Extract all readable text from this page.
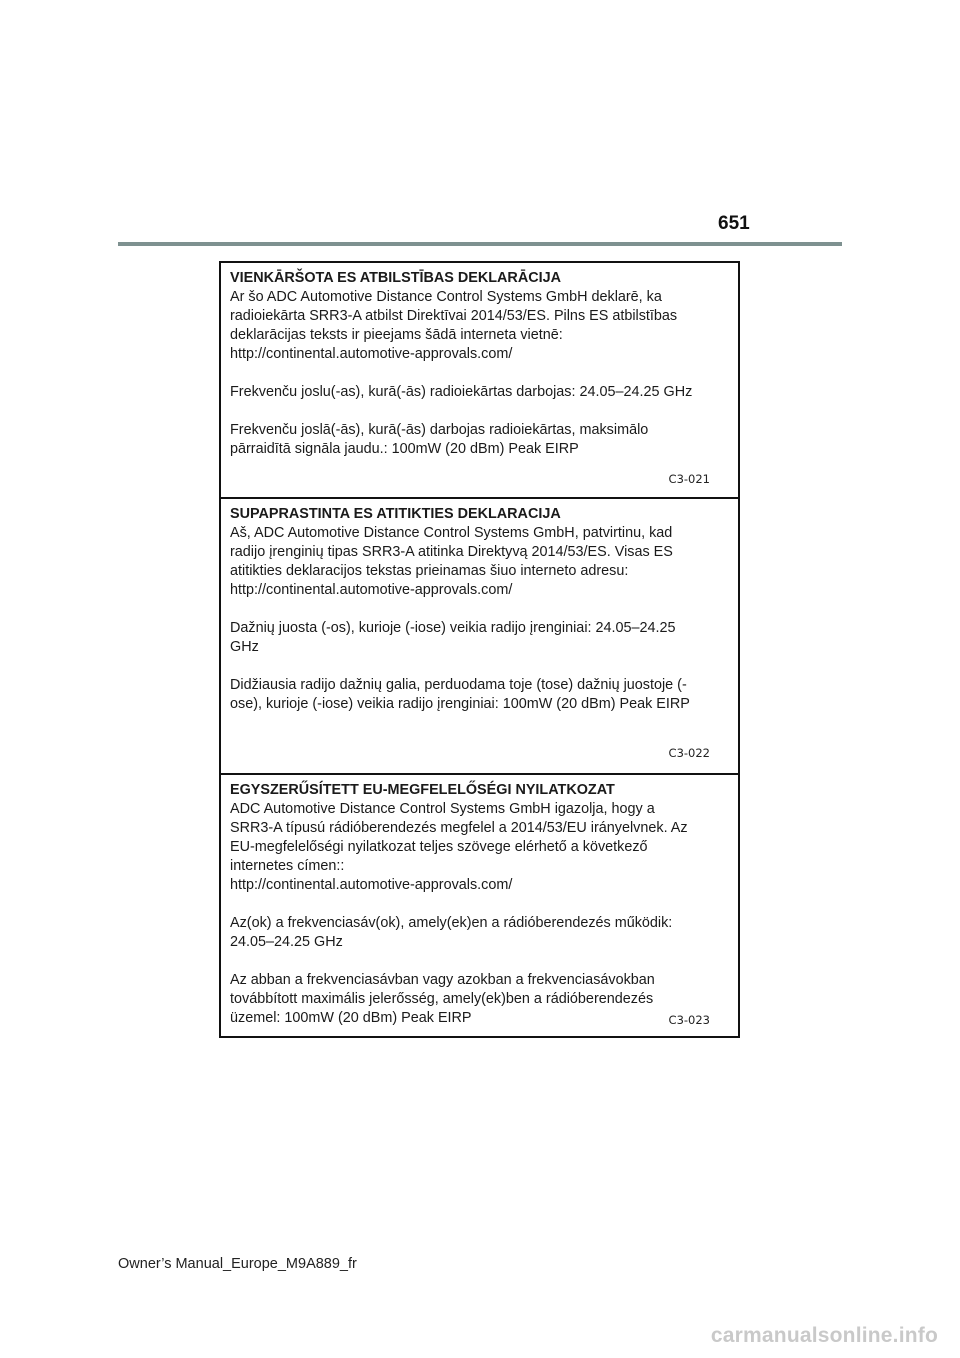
651
VIENKĀRŠOTA ES ATBILSTĪBAS DEKLARĀCIJA
Ar šo ADC Automotive Distance Control Systems GmbH deklarē, ka
radioiekārta SRR3-A atbilst Direktīvai 2014/53/ES. Pilns ES atbilstības
deklarācijas teksts ir pieejams šādā interneta vietnē:
http://continental.automotive-approvals.com/
Frekvenču joslu(-as), kurā(-ās) radioiekārtas darbojas: 24.05–24.25 GHz
Frekvenču joslā(-ās), kurā(-ās) darbojas radioiekārtas, maksimālo
pārraidītā signāla jaudu.: 100mW (20 dBm) Peak EIRP
C3-021
SUPAPRASTINTA ES ATITIKTIES DEKLARACIJA
Aš, ADC Automotive Distance Control Systems GmbH, patvirtinu, kad
radijo įrenginių tipas SRR3-A atitinka Direktyvą 2014/53/ES. Visas ES
atitikties deklaracijos tekstas prieinamas šiuo interneto adresu:
http://continental.automotive-approvals.com/
Dažnių juosta (-os), kurioje (-iose) veikia radijo įrenginiai: 24.05–24.25
GHz
Didžiausia radijo dažnių galia, perduodama toje (tose) dažnių juostoje (-
ose), kurioje (-iose) veikia radijo įrenginiai: 100mW (20 dBm) Peak EIRP
C3-022
EGYSZERŰSÍTETT EU-MEGFELELŐSÉGI NYILATKOZAT
ADC Automotive Distance Control Systems GmbH igazolja, hogy a
SRR3-A típusú rádióberendezés megfelel a 2014/53/EU irányelvnek. Az
EU-megfelelőségi nyilatkozat teljes szövege elérhető a következő
internetes címen::
http://continental.automotive-approvals.com/
Az(ok) a frekvenciasáv(ok), amely(ek)en a rádióberendezés működik:
24.05–24.25 GHz
Az abban a frekvenciasávban vagy azokban a frekvenciasávokban
továbbított maximális jelerősség, amely(ek)ben a rádióberendezés
üzemel: 100mW (20 dBm) Peak EIRP	C3-023
Owner’s Manual_Europe_M9A889_fr
carmanualsonline.info
